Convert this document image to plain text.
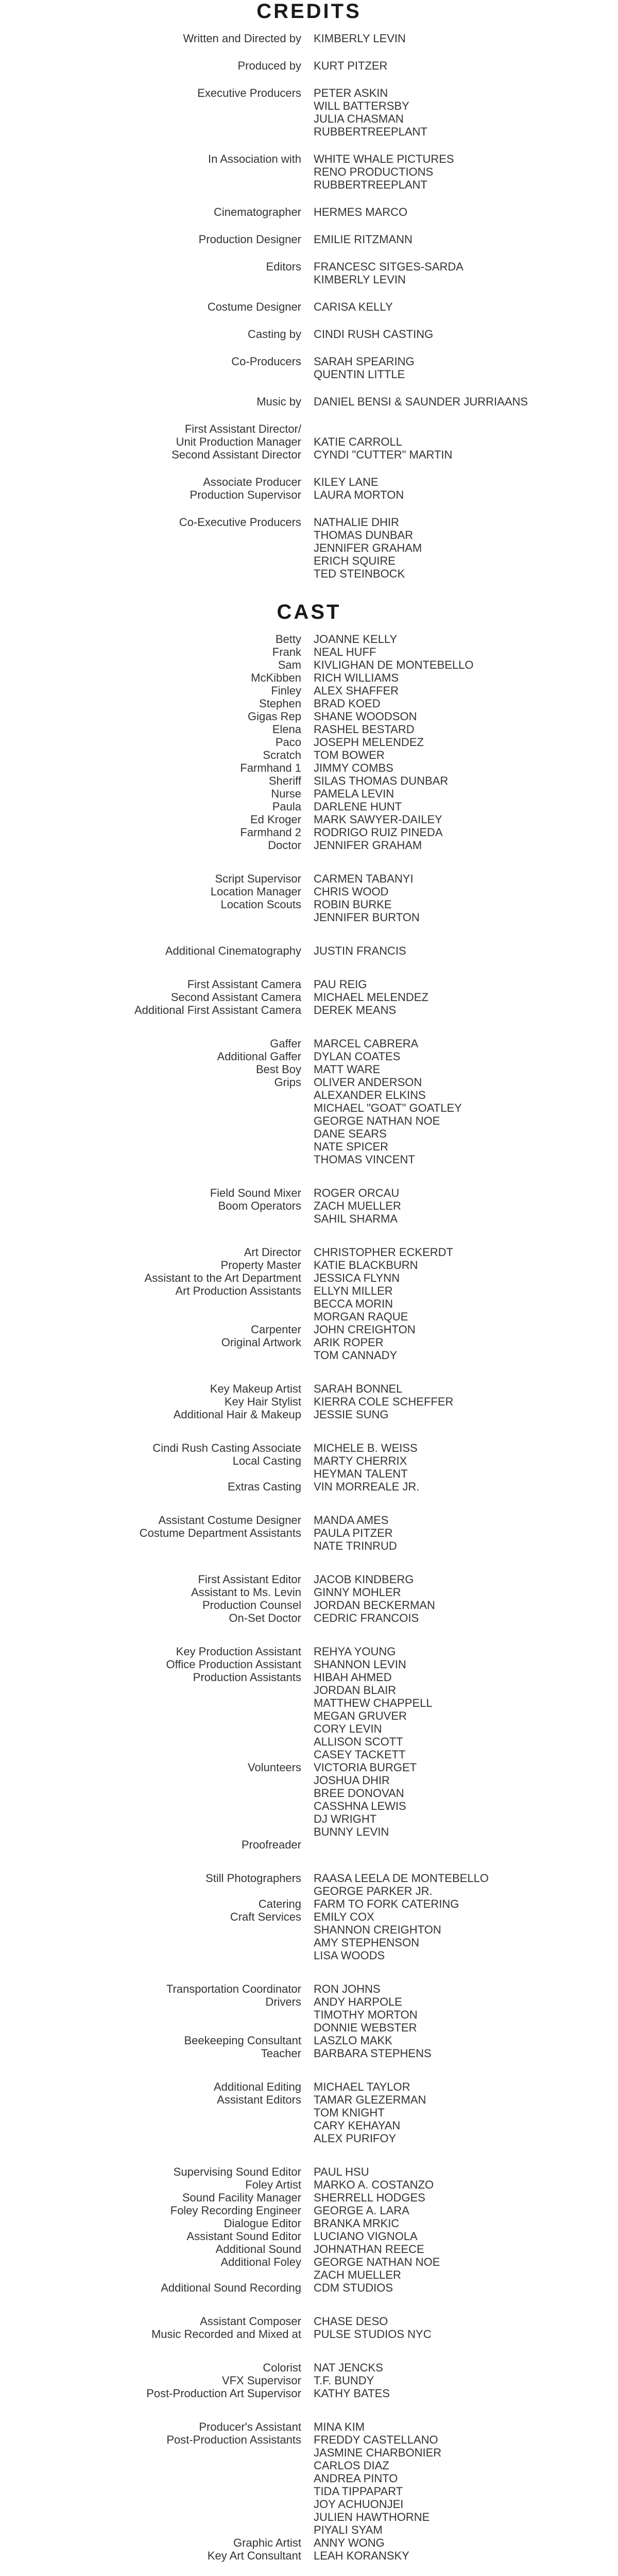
CREDITS
Written and Directed by KIMBERLY LEVIN
Produced by KURT PITZER
Executive Producers PETER ASKIN
WILL BATTERSBY
JULIA CHASMAN
RUBBERTREEPLANT
In Association with WHITE WHALE PICTURES
RENO PRODUCTIONS
RUBBERTREEPLANT
Cinematographer HERMES MARCO
Production Designer EMILIE RITZMANN
Editors FRANCESC SITGES-SARDA
KIMBERLY LEVIN
Costume Designer CARISA KELLY
Casting by CINDI RUSH CASTING
Co-Producers SARAH SPEARING
QUENTIN LITTLE
Music by DANIEL BENSI & SAUNDER JURRIAANS
First Assistant Director/
Unit Production Manager
Second Assistant Director
KATIE CARROLL
CYNDI "CUTTER" MARTIN
Associate Producer
Production Supervisor
KILEY LANE
LAURA MORTON
Co-Executive Producers NATHALIE DHIR
THOMAS DUNBAR
JENNIFER GRAHAM
ERICH SQUIRE
TED STEINBOCK
CAST
Betty
Frank
Sam
McKibben
Finley
Stephen
Gigas Rep
Elena
Paco
Scratch
Farmhand 1
Sheriff
Nurse
Paula
Ed Kroger
Farmhand 2
Doctor
JOANNE KELLY
NEAL HUFF
KIVLIGHAN DE MONTEBELLO
RICH WILLIAMS
ALEX SHAFFER
BRAD KOED
SHANE WOODSON
RASHEL BESTARD
JOSEPH MELENDEZ
TOM BOWER
JIMMY COMBS
SILAS THOMAS DUNBAR
PAMELA LEVIN
DARLENE HUNT
MARK SAWYER-DAILEY
RODRIGO RUIZ PINEDA
JENNIFER GRAHAM
Script Supervisor
Location Manager
Location Scouts
CARMEN TABANYI
CHRIS WOOD
ROBIN BURKE
JENNIFER BURTON
Additional Cinematography JUSTIN FRANCIS
First Assistant Camera
Second Assistant Camera
Additional First Assistant Camera
PAU REIG
MICHAEL MELENDEZ
DEREK MEANS
Gaffer
Additional Gaffer
Best Boy
Grips
MARCEL CABRERA
DYLAN COATES
MATT WARE
OLIVER ANDERSON
ALEXANDER ELKINS
MICHAEL "GOAT" GOATLEY
GEORGE NATHAN NOE
DANE SEARS
NATE SPICER
THOMAS VINCENT
Field Sound Mixer
Boom Operators
ROGER ORCAU
ZACH MUELLER
SAHIL SHARMA
Art Director
Property Master
Assistant to the Art Department
Art Production Assistants
Carpenter
Original Artwork
CHRISTOPHER ECKERDT
KATIE BLACKBURN
JESSICA FLYNN
ELLYN MILLER
BECCA MORIN
MORGAN RAQUE
JOHN CREIGHTON
ARIK ROPER
TOM CANNADY
Key Makeup Artist
Key Hair Stylist
Additional Hair & Makeup
SARAH BONNEL
KIERRA COLE SCHEFFER
JESSIE SUNG
Cindi Rush Casting Associate
Local Casting
Extras Casting
MICHELE B. WEISS
MARTY CHERRIX
HEYMAN TALENT
VIN MORREALE JR.
Assistant Costume Designer
Costume Department Assistants
MANDA AMES
PAULA PITZER
NATE TRINRUD
First Assistant Editor
Assistant to Ms. Levin
Production Counsel
On-Set Doctor
JACOB KINDBERG
GINNY MOHLER
JORDAN BECKERMAN
CEDRIC FRANCOIS
Key Production Assistant
Office Production Assistant
Production Assistants
Volunteers
Proofreader
REHYA YOUNG
SHANNON LEVIN
HIBAH AHMED
JORDAN BLAIR
MATTHEW CHAPPELL
MEGAN GRUVER
CORY LEVIN
ALLISON SCOTT
CASEY TACKETT
VICTORIA BURGET
JOSHUA DHIR
BREE DONOVAN
CASSHNA LEWIS
DJ WRIGHT
BUNNY LEVIN
Still Photographers
Catering
Craft Services
RAASA LEELA DE MONTEBELLO
GEORGE PARKER JR.
FARM TO FORK CATERING
EMILY COX
SHANNON CREIGHTON
AMY STEPHENSON
LISA WOODS
Transportation Coordinator
Drivers
Beekeeping Consultant
Teacher
RON JOHNS
ANDY HARPOLE
TIMOTHY MORTON
DONNIE WEBSTER
LASZLO MAKK
BARBARA STEPHENS
Additional Editing
Assistant Editors
MICHAEL TAYLOR
TAMAR GLEZERMAN
TOM KNIGHT
CARY KEHAYAN
ALEX PURIFOY
Supervising Sound Editor
Foley Artist
Sound Facility Manager
Foley Recording Engineer
Dialogue Editor
Assistant Sound Editor
Additional Sound
Additional Foley
Additional Sound Recording
PAUL HSU
MARKO A. COSTANZO
SHERRELL HODGES
GEORGE A. LARA
BRANKA MRKIC
LUCIANO VIGNOLA
JOHNATHAN REECE
GEORGE NATHAN NOE
ZACH MUELLER
CDM STUDIOS
Assistant Composer
Music Recorded and Mixed at
CHASE DESO
PULSE STUDIOS NYC
Colorist
VFX Supervisor
Post-Production Art Supervisor
NAT JENCKS
T.F. BUNDY
KATHY BATES
Producer's Assistant
Post-Production Assistants
Graphic Artist
Key Art Consultant
MINA KIM
FREDDY CASTELLANO
JASMINE CHARBONIER
CARLOS DIAZ
ANDREA PINTO
TIDA TIPPAPART
JOY ACHUONJEI
JULIEN HAWTHORNE
PIYALI SYAM
ANNY WONG
LEAH KORANSKY
